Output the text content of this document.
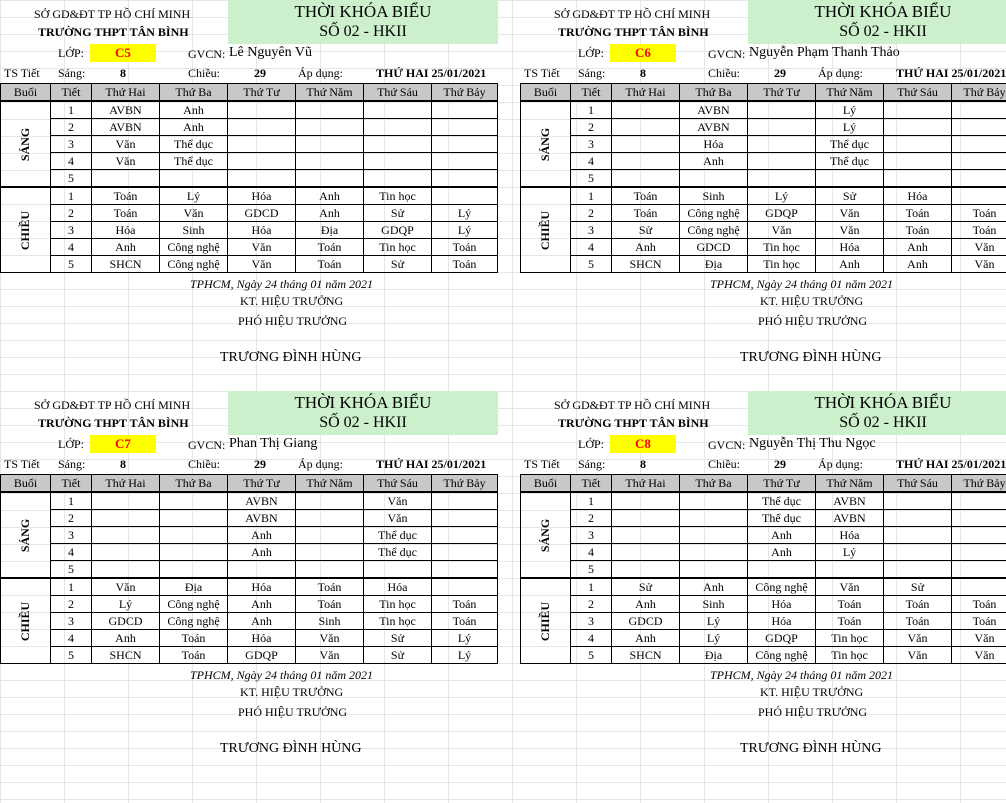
SỞ GD&ĐT TP HỒ CHÍ MINH
TRƯỜNG THPT TÂN BÌNH
THỜI KHÓA BIỂU
SỐ 02 - HKII
LỚP:	C5	GVCN: Lê Nguyên Vũ
TS Tiết Sáng:	8	Chiều:	29	Áp dụng:	THỨ HAI 25/01/2021
Buổi	Tiết	Thứ Hai	Thứ Ba	Thứ Tư	Thứ Năm	Thứ Sáu	Thứ Bảy
SÁNG	1	AVBN	Anh				
	2	AVBN	Anh				
	3	Văn	Thể dục				
	4	Văn	Thể dục				
	5						
CHIỀU	1	Toán	Lý	Hóa	Anh	Tin học	
	2	Toán	Văn	GDCD	Anh	Sử	Lý
	3	Hóa	Sinh	Hóa	Địa	GDQP	Lý
	4	Anh	Công nghệ	Văn	Toán	Tin học	Toán
	5	SHCN	Công nghệ	Văn	Toán	Sử	Toán
TPHCM, Ngày 24 tháng 01 năm 2021
KT. HIỆU TRƯỞNG
PHÓ HIỆU TRƯỞNG
TRƯƠNG ĐÌNH HÙNG
SỞ GD&ĐT TP HỒ CHÍ MINH
TRƯỜNG THPT TÂN BÌNH
THỜI KHÓA BIỂU
SỐ 02 - HKII
LỚP:	C6	GVCN: Nguyễn Phạm Thanh Thảo
TS Tiết Sáng:	8	Chiều:	29	Áp dụng:	THỨ HAI 25/01/2021
Buổi	Tiết	Thứ Hai	Thứ Ba	Thứ Tư	Thứ Năm	Thứ Sáu	Thứ Bảy
SÁNG	1		AVBN		Lý		
	2		AVBN		Lý		
	3		Hóa		Thể dục		
	4		Anh		Thể dục		
	5						
CHIỀU	1	Toán	Sinh	Lý	Sử	Hóa	
	2	Toán	Công nghệ	GDQP	Văn	Toán	Toán
	3	Sử	Công nghệ	Văn	Văn	Toán	Toán
	4	Anh	GDCD	Tin học	Hóa	Anh	Văn
	5	SHCN	Địa	Tin học	Anh	Anh	Văn
TPHCM, Ngày 24 tháng 01 năm 2021
KT. HIỆU TRƯỞNG
PHÓ HIỆU TRƯỞNG
TRƯƠNG ĐÌNH HÙNG
SỞ GD&ĐT TP HỒ CHÍ MINH
TRƯỜNG THPT TÂN BÌNH
THỜI KHÓA BIỂU
SỐ 02 - HKII
LỚP:	C7	GVCN: Phan Thị Giang
TS Tiết Sáng:	8	Chiều:	29	Áp dụng:	THỨ HAI 25/01/2021
Buổi	Tiết	Thứ Hai	Thứ Ba	Thứ Tư	Thứ Năm	Thứ Sáu	Thứ Bảy
SÁNG	1			AVBN		Văn	
	2			AVBN		Văn	
	3			Anh		Thể dục	
	4			Anh		Thể dục	
	5						
CHIỀU	1	Văn	Địa	Hóa	Toán	Hóa	
	2	Lý	Công nghệ	Anh	Toán	Tin học	Toán
	3	GDCD	Công nghệ	Anh	Sinh	Tin học	Toán
	4	Anh	Toán	Hóa	Văn	Sử	Lý
	5	SHCN	Toán	GDQP	Văn	Sử	Lý
TPHCM, Ngày 24 tháng 01 năm 2021
KT. HIỆU TRƯỞNG
PHÓ HIỆU TRƯỞNG
TRƯƠNG ĐÌNH HÙNG
SỞ GD&ĐT TP HỒ CHÍ MINH
TRƯỜNG THPT TÂN BÌNH
THỜI KHÓA BIỂU
SỐ 02 - HKII
LỚP:	C8	GVCN: Nguyễn Thị Thu Ngọc
TS Tiết Sáng:	8	Chiều:	29	Áp dụng:	THỨ HAI 25/01/2021
Buổi	Tiết	Thứ Hai	Thứ Ba	Thứ Tư	Thứ Năm	Thứ Sáu	Thứ Bảy
SÁNG	1			Thể dục	AVBN		
	2			Thể dục	AVBN		
	3			Anh	Hóa		
	4			Anh	Lý		
	5						
CHIỀU	1	Sử	Anh	Công nghệ	Văn	Sử	
	2	Anh	Sinh	Hóa	Toán	Toán	Toán
	3	GDCD	Lý	Hóa	Toán	Toán	Toán
	4	Anh	Lý	GDQP	Tin học	Văn	Văn
	5	SHCN	Địa	Công nghệ	Tin học	Văn	Văn
TPHCM, Ngày 24 tháng 01 năm 2021
KT. HIỆU TRƯỞNG
PHÓ HIỆU TRƯỞNG
TRƯƠNG ĐÌNH HÙNG
